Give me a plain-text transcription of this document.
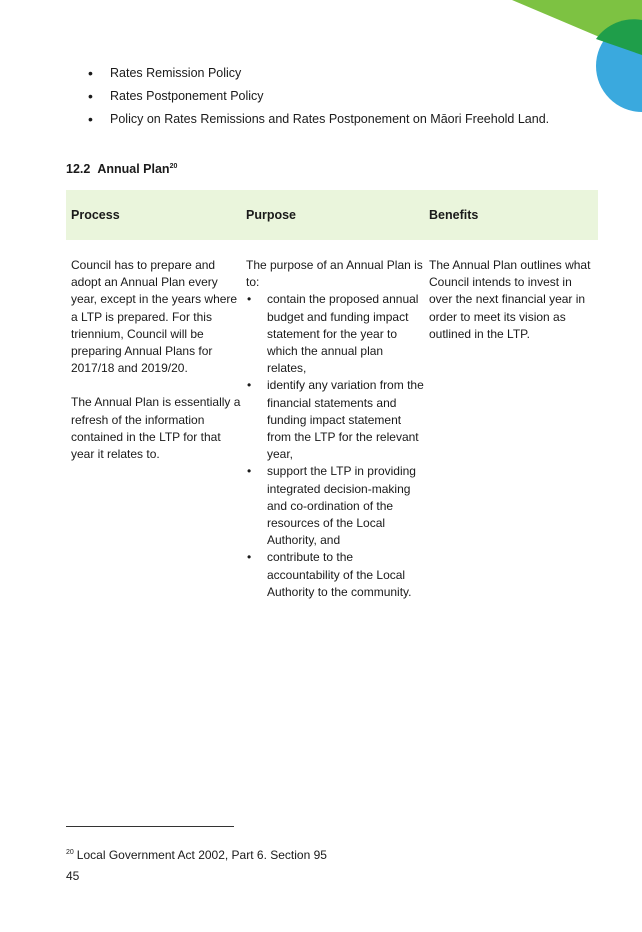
• Rates Remission Policy
• Rates Postponement Policy
• Policy on Rates Remissions and Rates Postponement on Māori Freehold Land.
12.2 Annual Plan$^{20}$
Process	Purpose	Benefits

Council has to prepare and adopt an Annual Plan every year, except in the years where a LTP is prepared. For this triennium, Council will be preparing Annual Plans for 2017/18 and 2019/20.

The Annual Plan is essentially a refresh of the information contained in the LTP for that year it relates to.

The purpose of an Annual Plan is to:

• contain the proposed annual budget and funding impact statement for the year to which the annual plan relates,
• identify any variation from the financial statements and funding impact statement from the LTP for the relevant year,
• support the LTP in providing integrated decision-making and co-ordination of the resources of the Local Authority, and
• contribute to the accountability of the Local Authority to the community.

The Annual Plan outlines what Council intends to invest in over the next financial year in order to meet its vision as outlined in the LTP.

$^{20}$ Local Government Act 2002, Part 6. Section 95
45
